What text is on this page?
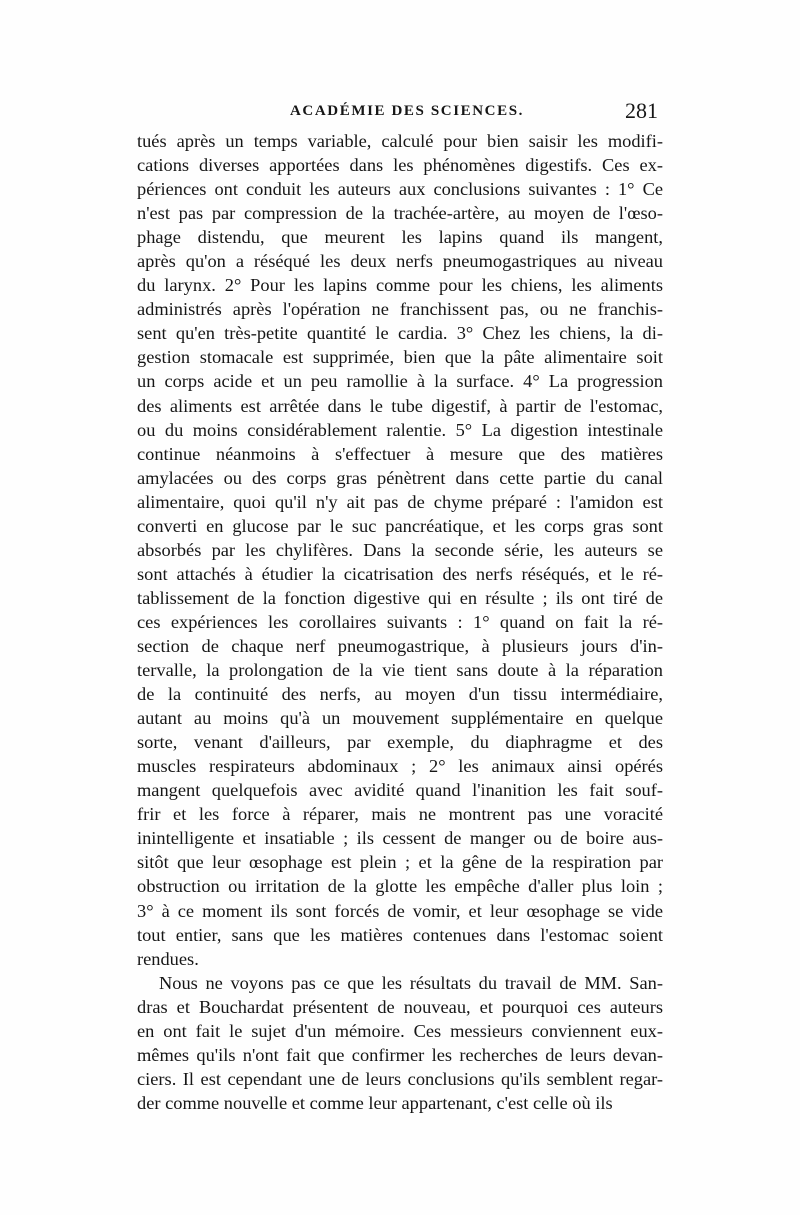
ACADÉMIE DES SCIENCES.	281
tués après un temps variable, calculé pour bien saisir les modifi-
cations diverses apportées dans les phénomènes digestifs. Ces ex-
périences ont conduit les auteurs aux conclusions suivantes : 1° Ce
n'est pas par compression de la trachée-artère, au moyen de l'œso-
phage distendu, que meurent les lapins quand ils mangent,
après qu'on a réséqué les deux nerfs pneumogastriques au niveau
du larynx. 2° Pour les lapins comme pour les chiens, les aliments
administrés après l'opération ne franchissent pas, ou ne franchis-
sent qu'en très-petite quantité le cardia. 3° Chez les chiens, la di-
gestion stomacale est supprimée, bien que la pâte alimentaire soit
un corps acide et un peu ramollie à la surface. 4° La progression
des aliments est arrêtée dans le tube digestif, à partir de l'estomac,
ou du moins considérablement ralentie. 5° La digestion intestinale
continue néanmoins à s'effectuer à mesure que des matières
amylacées ou des corps gras pénètrent dans cette partie du canal
alimentaire, quoi qu'il n'y ait pas de chyme préparé : l'amidon est
converti en glucose par le suc pancréatique, et les corps gras sont
absorbés par les chylifères. Dans la seconde série, les auteurs se
sont attachés à étudier la cicatrisation des nerfs réséqués, et le ré-
tablissement de la fonction digestive qui en résulte ; ils ont tiré de
ces expériences les corollaires suivants : 1° quand on fait la ré-
section de chaque nerf pneumogastrique, à plusieurs jours d'in-
tervalle, la prolongation de la vie tient sans doute à la réparation
de la continuité des nerfs, au moyen d'un tissu intermédiaire,
autant au moins qu'à un mouvement supplémentaire en quelque
sorte, venant d'ailleurs, par exemple, du diaphragme et des
muscles respirateurs abdominaux ; 2° les animaux ainsi opérés
mangent quelquefois avec avidité quand l'inanition les fait souf-
frir et les force à réparer, mais ne montrent pas une voracité
inintelligente et insatiable ; ils cessent de manger ou de boire aus-
sitôt que leur œsophage est plein ; et la gêne de la respiration par
obstruction ou irritation de la glotte les empêche d'aller plus loin ;
3° à ce moment ils sont forcés de vomir, et leur œsophage se vide
tout entier, sans que les matières contenues dans l'estomac soient
rendues.
Nous ne voyons pas ce que les résultats du travail de MM. San-
dras et Bouchardat présentent de nouveau, et pourquoi ces auteurs
en ont fait le sujet d'un mémoire. Ces messieurs conviennent eux-
mêmes qu'ils n'ont fait que confirmer les recherches de leurs devan-
ciers. Il est cependant une de leurs conclusions qu'ils semblent regar-
der comme nouvelle et comme leur appartenant, c'est celle où ils
